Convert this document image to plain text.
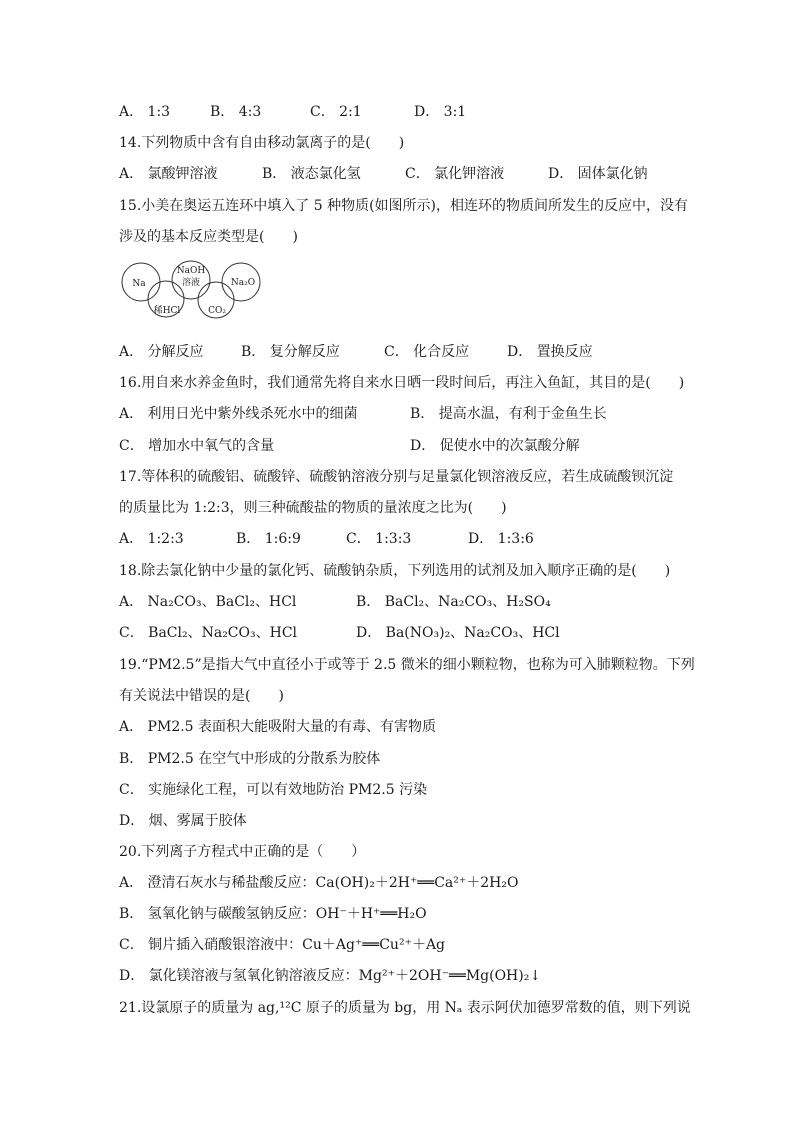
A． 1:3	B． 4:3	C． 2:1	D． 3:1
14.下列物质中含有自由移动氯离子的是(　　)
A． 氯酸钾溶液	B． 液态氯化氢	C． 氯化钾溶液	D． 固体氯化钠
15.小美在奥运五连环中填入了 5 种物质(如图所示)，相连环的物质间所发生的反应中，没有
涉及的基本反应类型是(　　)
Na
NaOH
溶液	Na₂O
稀HCl	CO₂
A． 分解反应	B． 复分解反应	C． 化合反应	D． 置换反应
16.用自来水养金鱼时，我们通常先将自来水日晒一段时间后，再注入鱼缸，其目的是(　　)
A． 利用日光中紫外线杀死水中的细菌	B． 提高水温，有利于金鱼生长
C． 增加水中氧气的含量	D． 促使水中的次氯酸分解
17.等体积的硫酸铝、硫酸锌、硫酸钠溶液分别与足量氯化钡溶液反应，若生成硫酸钡沉淀
的质量比为 1:2:3，则三种硫酸盐的物质的量浓度之比为(　　)
A． 1:2:3	B． 1:6:9	C． 1:3:3	D． 1:3:6
18.除去氯化钠中少量的氯化钙、硫酸钠杂质，下列选用的试剂及加入顺序正确的是(　　)
A． Na₂CO₃、BaCl₂、HCl	B． BaCl₂、Na₂CO₃、H₂SO₄
C． BaCl₂、Na₂CO₃、HCl	D． Ba(NO₃)₂、Na₂CO₃、HCl
19.“PM2.5”是指大气中直径小于或等于 2.5 微米的细小颗粒物，也称为可入肺颗粒物。下列
有关说法中错误的是(　　)
A． PM2.5 表面积大能吸附大量的有毒、有害物质
B． PM2.5 在空气中形成的分散系为胶体
C． 实施绿化工程，可以有效地防治 PM2.5 污染
D． 烟、雾属于胶体
20.下列离子方程式中正确的是（　　）
A． 澄清石灰水与稀盐酸反应：Ca(OH)₂＋2H⁺══Ca²⁺＋2H₂O
B． 氢氧化钠与碳酸氢钠反应：OH⁻＋H⁺══H₂O
C． 铜片插入硝酸银溶液中：Cu＋Ag⁺══Cu²⁺＋Ag
D． 氯化镁溶液与氢氧化钠溶液反应：Mg²⁺＋2OH⁻══Mg(OH)₂↓
21.设氯原子的质量为 ag,¹²C 原子的质量为 bg，用 Nₐ 表示阿伏加德罗常数的值，则下列说
